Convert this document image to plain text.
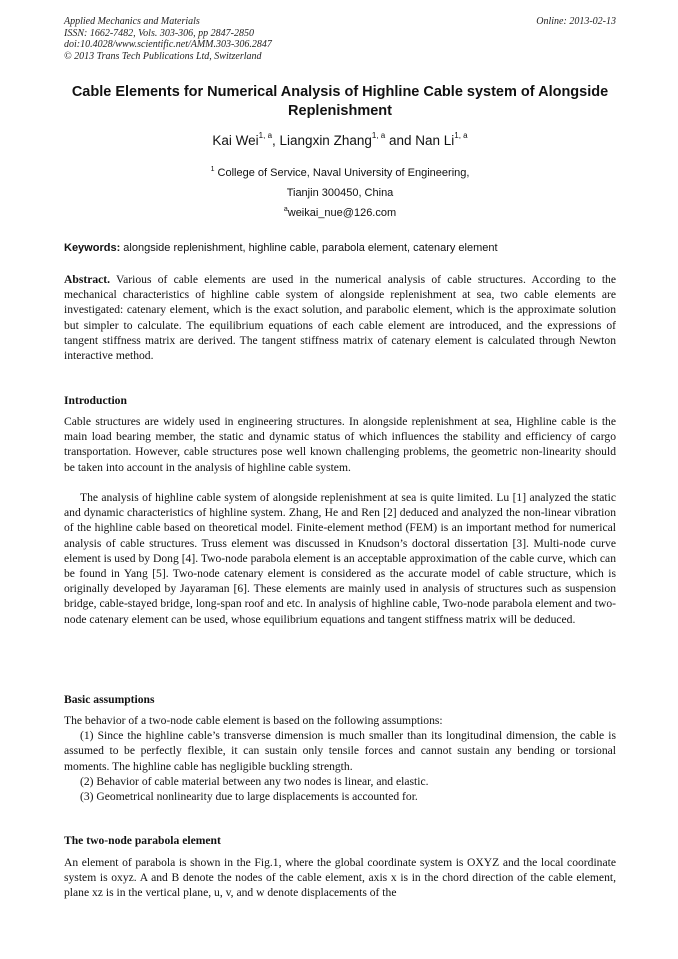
Applied Mechanics and Materials
ISSN: 1662-7482, Vols. 303-306, pp 2847-2850
doi:10.4028/www.scientific.net/AMM.303-306.2847
© 2013 Trans Tech Publications Ltd, Switzerland
Online: 2013-02-13
Cable Elements for Numerical Analysis of Highline Cable system of Alongside Replenishment
Kai Wei$^{1, a}$, Liangxin Zhang$^{1, a}$ and Nan Li$^{1, a}$
$^1$ College of Service, Naval University of Engineering,
Tianjin 300450, China
$^a$weikai_nue@126.com
Keywords: alongside replenishment, highline cable, parabola element, catenary element
Abstract. Various of cable elements are used in the numerical analysis of cable structures. According to the mechanical characteristics of highline cable system of alongside replenishment at sea, two cable elements are investigated: catenary element, which is the exact solution, and parabolic element, which is the approximate solution but simpler to calculate. The equilibrium equations of each cable element are introduced, and the expressions of tangent stiffness matrix are derived. The tangent stiffness matrix of catenary element is calculated through Newton interactive method.
Introduction
Cable structures are widely used in engineering structures. In alongside replenishment at sea, Highline cable is the main load bearing member, the static and dynamic status of which influences the stability and efficiency of cargo transportation. However, cable structures pose well known challenging problems, the geometric non-linearity should be taken into account in the analysis of highline cable system.
The analysis of highline cable system of alongside replenishment at sea is quite limited. Lu [1] analyzed the static and dynamic characteristics of highline system. Zhang, He and Ren [2] deduced and analyzed the non-linear vibration of the highline cable based on theoretical model. Finite-element method (FEM) is an important method for numerical analysis of cable structures. Truss element was discussed in Knudson’s doctoral dissertation [3]. Multi-node curve element is used by Dong [4]. Two-node parabola element is an acceptable approximation of the cable curve, which can be found in Yang [5]. Two-node catenary element is considered as the accurate model of cable structure, which is originally developed by Jayaraman [6]. These elements are mainly used in analysis of structures such as suspension bridge, cable-stayed bridge, long-span roof and etc. In analysis of highline cable, Two-node parabola element and two-node catenary element can be used, whose equilibrium equations and tangent stiffness matrix will be deduced.
Basic assumptions
The behavior of a two-node cable element is based on the following assumptions:
(1) Since the highline cable’s transverse dimension is much smaller than its longitudinal dimension, the cable is assumed to be perfectly flexible, it can sustain only tensile forces and cannot sustain any bending or torsional moments. The highline cable has negligible buckling strength.
(2) Behavior of cable material between any two nodes is linear, and elastic.
(3) Geometrical nonlinearity due to large displacements is accounted for.
The two-node parabola element
An element of parabola is shown in the Fig.1, where the global coordinate system is OXYZ and the local coordinate system is oxyz. A and B denote the nodes of the cable element, axis x is in the chord direction of the cable element, plane xz is in the vertical plane, u, v, and w denote displacements of the
